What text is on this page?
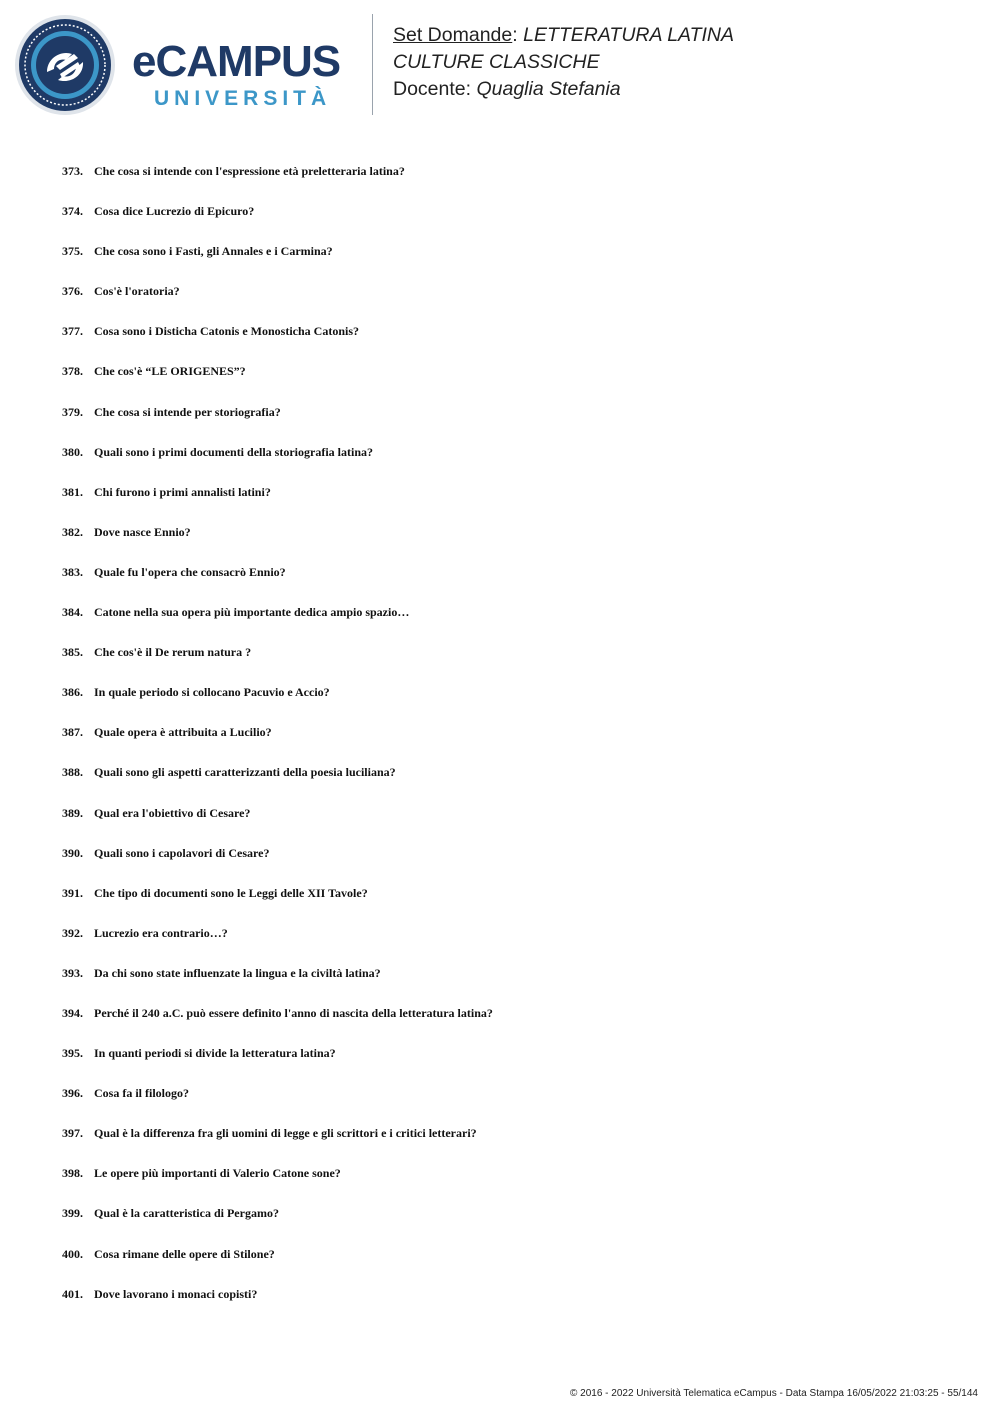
eCAMPUS
UNIVERSITÀ
Set Domande: LETTERATURA LATINA
CULTURE CLASSICHE
Docente: Quaglia Stefania
373. Che cosa si intende con l'espressione età preletteraria latina?
374. Cosa dice Lucrezio di Epicuro?
375. Che cosa sono i Fasti, gli Annales e i Carmina?
376. Cos'è l'oratoria?
377. Cosa sono i Disticha Catonis e Monosticha Catonis?
378. Che cos'è “LE ORIGENES”?
379. Che cosa si intende per storiografia?
380. Quali sono i primi documenti della storiografia latina?
381. Chi furono i primi annalisti latini?
382. Dove nasce Ennio?
383. Quale fu l'opera che consacrò Ennio?
384. Catone nella sua opera più importante dedica ampio spazio…
385. Che cos'è il De rerum natura ?
386. In quale periodo si collocano Pacuvio e Accio?
387. Quale opera è attribuita a Lucilio?
388. Quali sono gli aspetti caratterizzanti della poesia luciliana?
389. Qual era l'obiettivo di Cesare?
390. Quali sono i capolavori di Cesare?
391. Che tipo di documenti sono le Leggi delle XII Tavole?
392. Lucrezio era contrario…?
393. Da chi sono state influenzate la lingua e la civiltà latina?
394. Perché il 240 a.C. può essere definito l'anno di nascita della letteratura latina?
395. In quanti periodi si divide la letteratura latina?
396. Cosa fa il filologo?
397. Qual è la differenza fra gli uomini di legge e gli scrittori e i critici letterari?
398. Le opere più importanti di Valerio Catone sone?
399. Qual è la caratteristica di Pergamo?
400. Cosa rimane delle opere di Stilone?
401. Dove lavorano i monaci copisti?
© 2016 - 2022 Università Telematica eCampus - Data Stampa 16/05/2022 21:03:25 - 55/144
